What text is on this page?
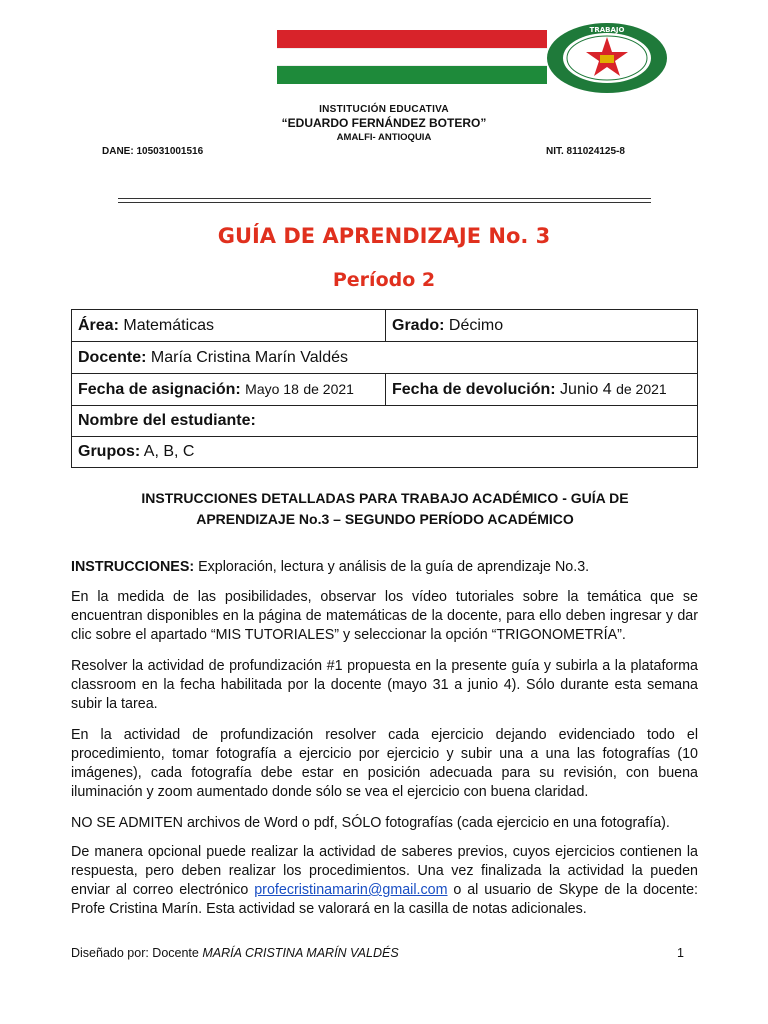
TRABAJO
INSTITUCIÓN EDUCATIVA
“EDUARDO FERNÁNDEZ BOTERO”
AMALFI- ANTIOQUIA
DANE: 105031001516	NIT. 811024125-8
GUÍA DE APRENDIZAJE No. 3
Período 2
Área: Matemáticas	Grado: Décimo
Docente: María Cristina Marín Valdés	
Fecha de asignación: Mayo 18 de 2021	Fecha de devolución: Junio 4 de 2021
Nombre del estudiante:	
Grupos: A, B, C	
INSTRUCCIONES DETALLADAS PARA TRABAJO ACADÉMICO - GUÍA DE
APRENDIZAJE No.3 – SEGUNDO PERÍODO ACADÉMICO
INSTRUCCIONES: Exploración, lectura y análisis de la guía de aprendizaje No.3.
En la medida de las posibilidades, observar los vídeo tutoriales sobre la temática que se encuentran disponibles en la página de matemáticas de la docente, para ello deben ingresar y dar clic sobre el apartado “MIS TUTORIALES” y seleccionar la opción “TRIGONOMETRÍA”.
Resolver la actividad de profundización #1 propuesta en la presente guía y subirla a la plataforma classroom en la fecha habilitada por la docente (mayo 31 a junio 4). Sólo durante esta semana subir la tarea.
En la actividad de profundización resolver cada ejercicio dejando evidenciado todo el procedimiento, tomar fotografía a ejercicio por ejercicio y subir una a una las fotografías (10 imágenes), cada fotografía debe estar en posición adecuada para su revisión, con buena iluminación y zoom aumentado donde sólo se vea el ejercicio con buena claridad.
NO SE ADMITEN archivos de Word o pdf, SÓLO fotografías (cada ejercicio en una fotografía).
De manera opcional puede realizar la actividad de saberes previos, cuyos ejercicios contienen la respuesta, pero deben realizar los procedimientos. Una vez finalizada la actividad la pueden enviar al correo electrónico profecristinamarin@gmail.com o al usuario de Skype de la docente: Profe Cristina Marín. Esta actividad se valorará en la casilla de notas adicionales.
Diseñado por: Docente MARÍA CRISTINA MARÍN VALDÉS	1
